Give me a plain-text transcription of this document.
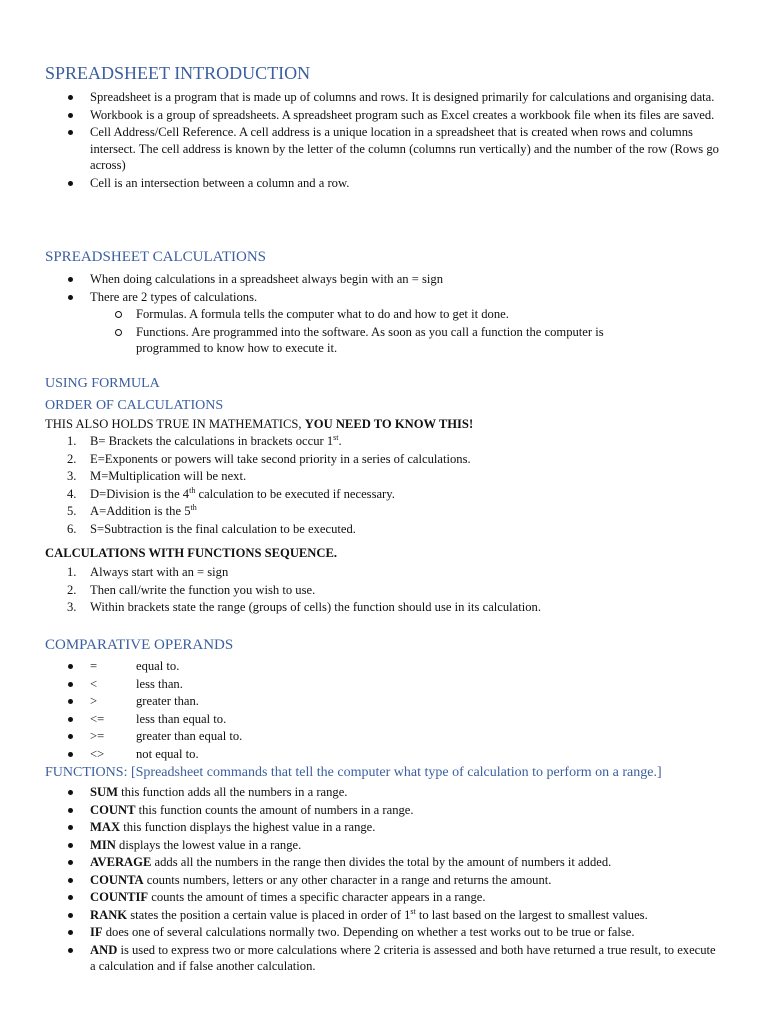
SPREADSHEET INTRODUCTION
Spreadsheet is a program that is made up of columns and rows. It is designed primarily for calculations and organising data.
Workbook is a group of spreadsheets. A spreadsheet program such as Excel creates a workbook file when its files are saved.
Cell Address/Cell Reference. A cell address is a unique location in a spreadsheet that is created when rows and columns intersect. The cell address is known by the letter of the column (columns run vertically) and the number of the row (Rows go across)
Cell is an intersection between a column and a row.
SPREADSHEET CALCULATIONS
When doing calculations in a spreadsheet always begin with an = sign
There are 2 types of calculations.
Formulas. A formula tells the computer what to do and how to get it done.
Functions. Are programmed into the software. As soon as you call a function the computer is programmed to know how to execute it.
USING FORMULA
ORDER OF CALCULATIONS

THIS ALSO HOLDS TRUE IN MATHEMATICS, YOU NEED TO KNOW THIS!

1. B= Brackets the calculations in brackets occur 1st.
2. E=Exponents or powers will take second priority in a series of calculations.
3. M=Multiplication will be next.
4. D=Division is the 4th calculation to be executed if necessary.
5. A=Addition is the 5th
6. S=Subtraction is the final calculation to be executed.

CALCULATIONS WITH FUNCTIONS SEQUENCE.

1. Always start with an = sign
2. Then call/write the function you wish to use.
3. Within brackets state the range (groups of cells) the function should use in its calculation.
COMPARATIVE OPERANDS
=	equal to.
<	less than.
>	greater than.
<=	less than equal to.
>=	greater than equal to.
<>	not equal to.
FUNCTIONS: [Spreadsheet commands that tell the computer what type of calculation to perform on a range.]
SUM this function adds all the numbers in a range.
COUNT this function counts the amount of numbers in a range.
MAX this function displays the highest value in a range.
MIN displays the lowest value in a range.
AVERAGE adds all the numbers in the range then divides the total by the amount of numbers it added.
COUNTA counts numbers, letters or any other character in a range and returns the amount.
COUNTIF counts the amount of times a specific character appears in a range.
RANK states the position a certain value is placed in order of 1st to last based on the largest to smallest values.
IF does one of several calculations normally two. Depending on whether a test works out to be true or false.
AND is used to express two or more calculations where 2 criteria is assessed and both have returned a true result, to execute a calculation and if false another calculation.
